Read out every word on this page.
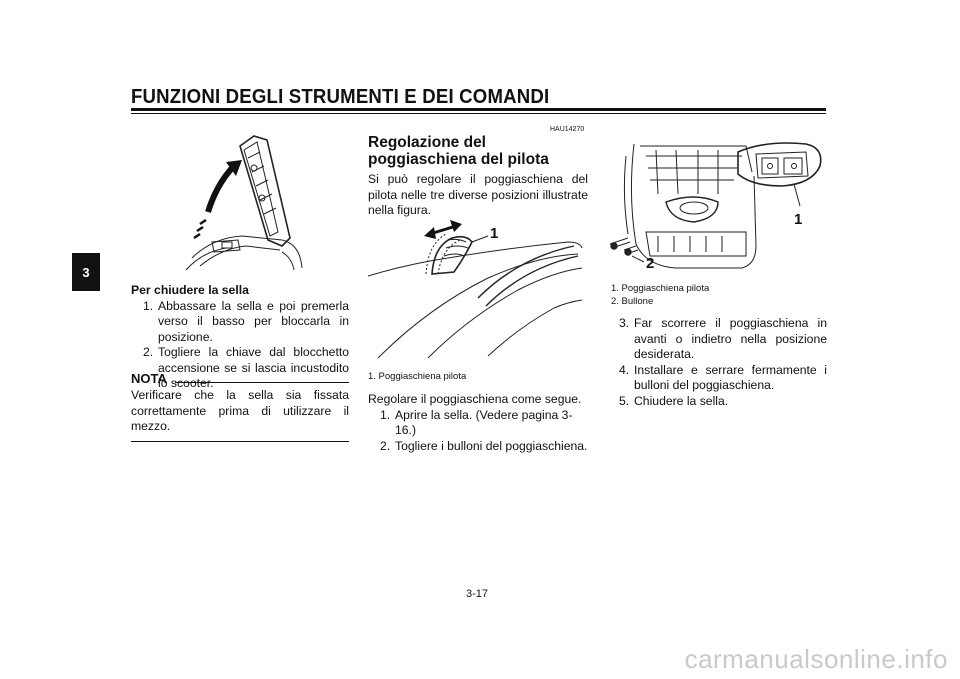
FUNZIONI DEGLI STRUMENTI E DEI COMANDI
3
Per chiudere la sella
1. Abbassare la sella e poi premerla verso il basso per bloccarla in posizione.
2. Togliere la chiave dal blocchetto accensione se si lascia incustodito lo scooter.
NOTA
Verificare che la sella sia fissata correttamente prima di utilizzare il mezzo.
HAU14270
Regolazione del poggiaschiena del pilota
Si può regolare il poggiaschiena del pilota nelle tre diverse posizioni illustrate nella figura.
1
1. Poggiaschiena pilota
Regolare il poggiaschiena come segue.
1. Aprire la sella. (Vedere pagina 3-16.)
2. Togliere i bulloni del poggiaschiena.
1
2
1. Poggiaschiena pilota
2. Bullone
3. Far scorrere il poggiaschiena in avanti o indietro nella posizione desiderata.
4. Installare e serrare fermamente i bulloni del poggiaschiena.
5. Chiudere la sella.
3-17
carmanualsonline.info
